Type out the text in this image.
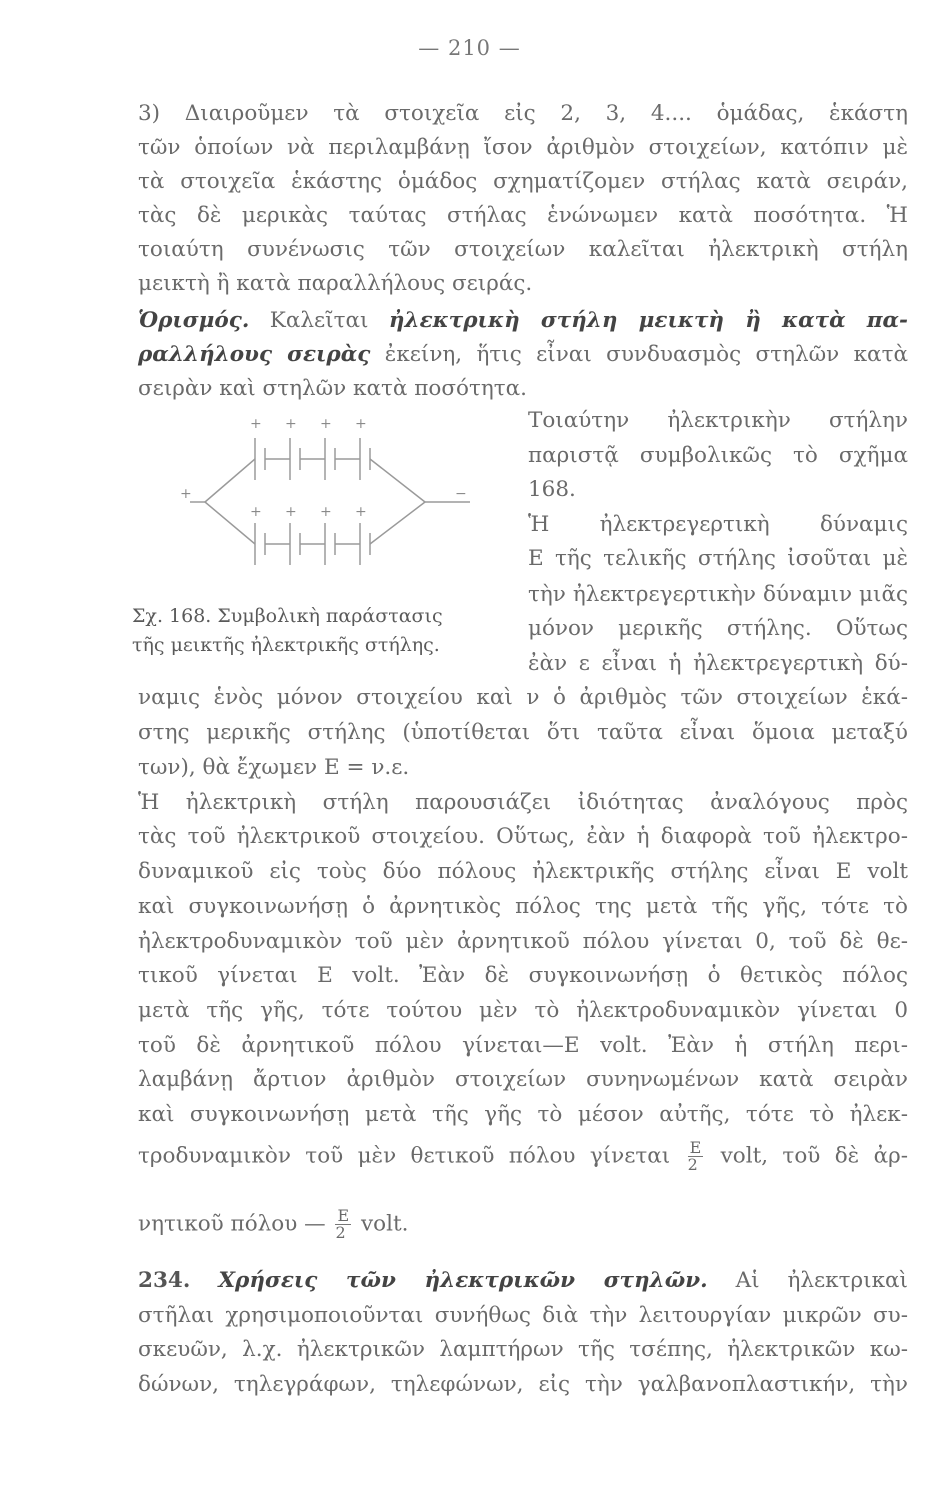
— 210 —
3) Διαιροῦμεν τὰ στοιχεῖα εἰς 2, 3, 4.... ὁμάδας, ἑκάστη
τῶν ὁποίων νὰ περιλαμβάνῃ ἴσον ἀριθμὸν στοιχείων, κατόπιν μὲ
τὰ στοιχεῖα ἑκάστης ὁμάδος σχηματίζομεν στήλας κατὰ σειράν,
τὰς δὲ μερικὰς ταύτας στήλας ἑνώνωμεν κατὰ ποσότητα. Ἡ
τοιαύτη συνένωσις τῶν στοιχείων καλεῖται ἠλεκτρικὴ στήλη
μεικτὴ ἢ κατὰ παραλλήλους σειράς.
Ὁρισμός. Καλεῖται ἠλεκτρικὴ στήλη μεικτὴ ἢ κατὰ πα-
ραλλήλους σειρὰς ἐκείνη, ἥτις εἶναι συνδυασμὸς στηλῶν κατὰ
σειρὰν καὶ στηλῶν κατὰ ποσότητα.
Τοιαύτην ἠλεκτρικὴν στήλην
παριστᾷ συμβολικῶς τὸ σχῆμα
168.
Ἡ ἠλεκτρεγερτικὴ δύναμις
Ε τῆς τελικῆς στήλης ἰσοῦται μὲ
τὴν ἠλεκτρεγερτικὴν δύναμιν μιᾶς
μόνον μερικῆς στήλης. Οὕτως
ἐὰν ε εἶναι ἡ ἠλεκτρεγερτικὴ δύ-
+ + + +
+ + + +
+	−
Σχ. 168. Συμβολικὴ παράστασις
τῆς μεικτῆς ἠλεκτρικῆς στήλης.
ναμις ἑνὸς μόνον στοιχείου καὶ ν ὁ ἀριθμὸς τῶν στοιχείων ἑκά-
στης μερικῆς στήλης (ὑποτίθεται ὅτι ταῦτα εἶναι ὅμοια μεταξύ
των), θὰ ἔχωμεν Ε = ν.ε.
Ἡ ἠλεκτρικὴ στήλη παρουσιάζει ἰδιότητας ἀναλόγους πρὸς
τὰς τοῦ ἠλεκτρικοῦ στοιχείου. Οὕτως, ἐὰν ἡ διαφορὰ τοῦ ἠλεκτρο-
δυναμικοῦ εἰς τοὺς δύο πόλους ἠλεκτρικῆς στήλης εἶναι Ε volt
καὶ συγκοινωνήσῃ ὁ ἀρνητικὸς πόλος της μετὰ τῆς γῆς, τότε τὸ
ἠλεκτροδυναμικὸν τοῦ μὲν ἀρνητικοῦ πόλου γίνεται 0, τοῦ δὲ θε-
τικοῦ γίνεται Ε volt. Ἐὰν δὲ συγκοινωνήσῃ ὁ θετικὸς πόλος
μετὰ τῆς γῆς, τότε τούτου μὲν τὸ ἠλεκτροδυναμικὸν γίνεται 0
τοῦ δὲ ἀρνητικοῦ πόλου γίνεται—Ε volt. Ἐὰν ἡ στήλη περι-
λαμβάνῃ ἄρτιον ἀριθμὸν στοιχείων συνηνωμένων κατὰ σειρὰν
καὶ συγκοινωνήσῃ μετὰ τῆς γῆς τὸ μέσον αὐτῆς, τότε τὸ ἠλεκ-
τροδυναμικὸν τοῦ μὲν θετικοῦ πόλου γίνεται $\frac{E}{2}$ volt, τοῦ δὲ ἀρ-
νητικοῦ πόλου — $\frac{E}{2}$ volt.
234. Χρήσεις τῶν ἠλεκτρικῶν στηλῶν. Αἱ ἠλεκτρικαὶ
στῆλαι χρησιμοποιοῦνται συνήθως διὰ τὴν λειτουργίαν μικρῶν συ-
σκευῶν, λ.χ. ἠλεκτρικῶν λαμπτήρων τῆς τσέπης, ἠλεκτρικῶν κω-
δώνων, τηλεγράφων, τηλεφώνων, εἰς τὴν γαλβανοπλαστικήν, τὴν
